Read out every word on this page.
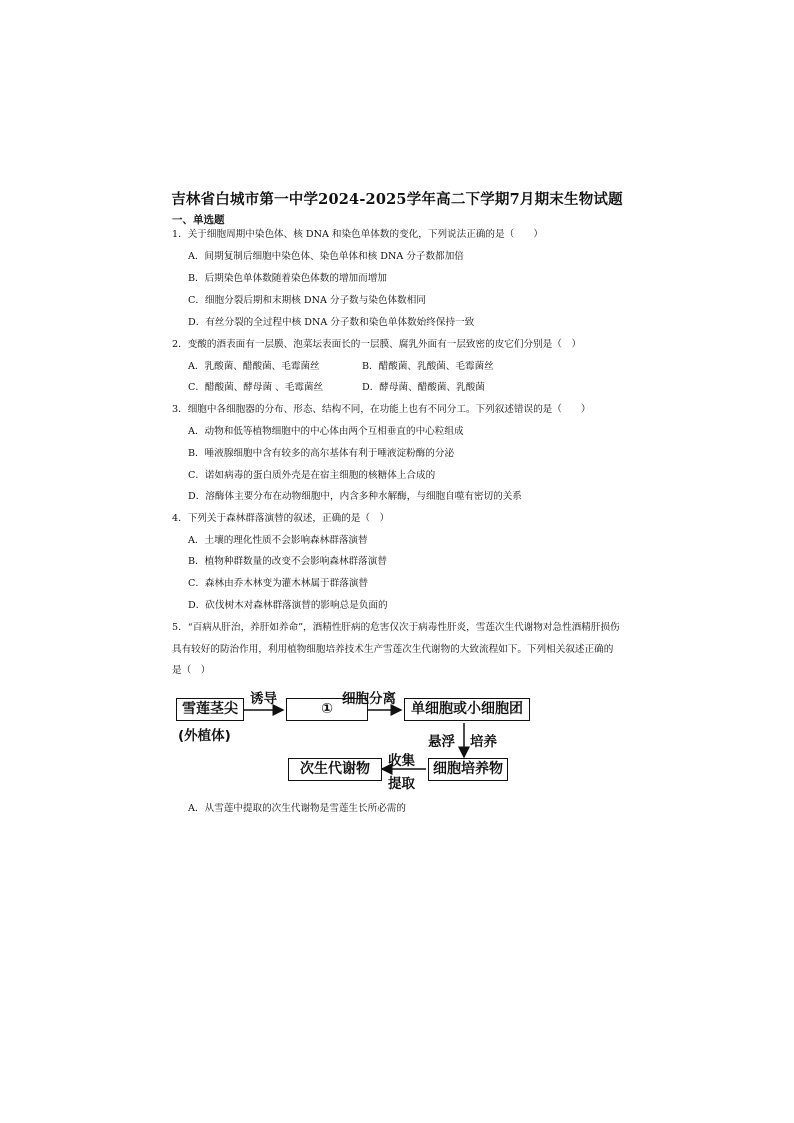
吉林省白城市第一中学2024-2025学年高二下学期7月期末生物试题
一、单选题
1．关于细胞周期中染色体、核 DNA 和染色单体数的变化，下列说法正确的是（　　）
A．间期复制后细胞中染色体、染色单体和核 DNA 分子数都加倍
B．后期染色单体数随着染色体数的增加而增加
C．细胞分裂后期和末期核 DNA 分子数与染色体数相同
D．有丝分裂的全过程中核 DNA 分子数和染色单体数始终保持一致
2．变酸的酒表面有一层膜、泡菜坛表面长的一层膜、腐乳外面有一层致密的皮它们分别是（　）
A．乳酸菌、醋酸菌、毛霉菌丝	B．醋酸菌、乳酸菌、毛霉菌丝
C．醋酸菌、酵母菌 、毛霉菌丝	D．酵母菌、醋酸菌、乳酸菌
3．细胞中各细胞器的分布、形态、结构不同，在功能上也有不同分工。下列叙述错误的是（　　）
A．动物和低等植物细胞中的中心体由两个互相垂直的中心粒组成
B．唾液腺细胞中含有较多的高尔基体有利于唾液淀粉酶的分泌
C．诺如病毒的蛋白质外壳是在宿主细胞的核糖体上合成的
D．溶酶体主要分布在动物细胞中，内含多种水解酶，与细胞自噬有密切的关系
4．下列关于森林群落演替的叙述，正确的是（　）
A．土壤的理化性质不会影响森林群落演替
B．植物种群数量的改变不会影响森林群落演替
C．森林由乔木林变为灌木林属于群落演替
D．砍伐树木对森林群落演替的影响总是负面的
5．“百病从肝治，养肝如养命”，酒精性肝病的危害仅次于病毒性肝炎，雪莲次生代谢物对急性酒精肝损伤
具有较好的防治作用，利用植物细胞培养技术生产雪莲次生代谢物的大致流程如下。下列相关叙述正确的
是（　）
雪莲茎尖
(外植体)
诱导
①
细胞分离
单细胞或小细胞团
悬浮 培养
细胞培养物
收集
提取
次生代谢物
A．从雪莲中提取的次生代谢物是雪莲生长所必需的
